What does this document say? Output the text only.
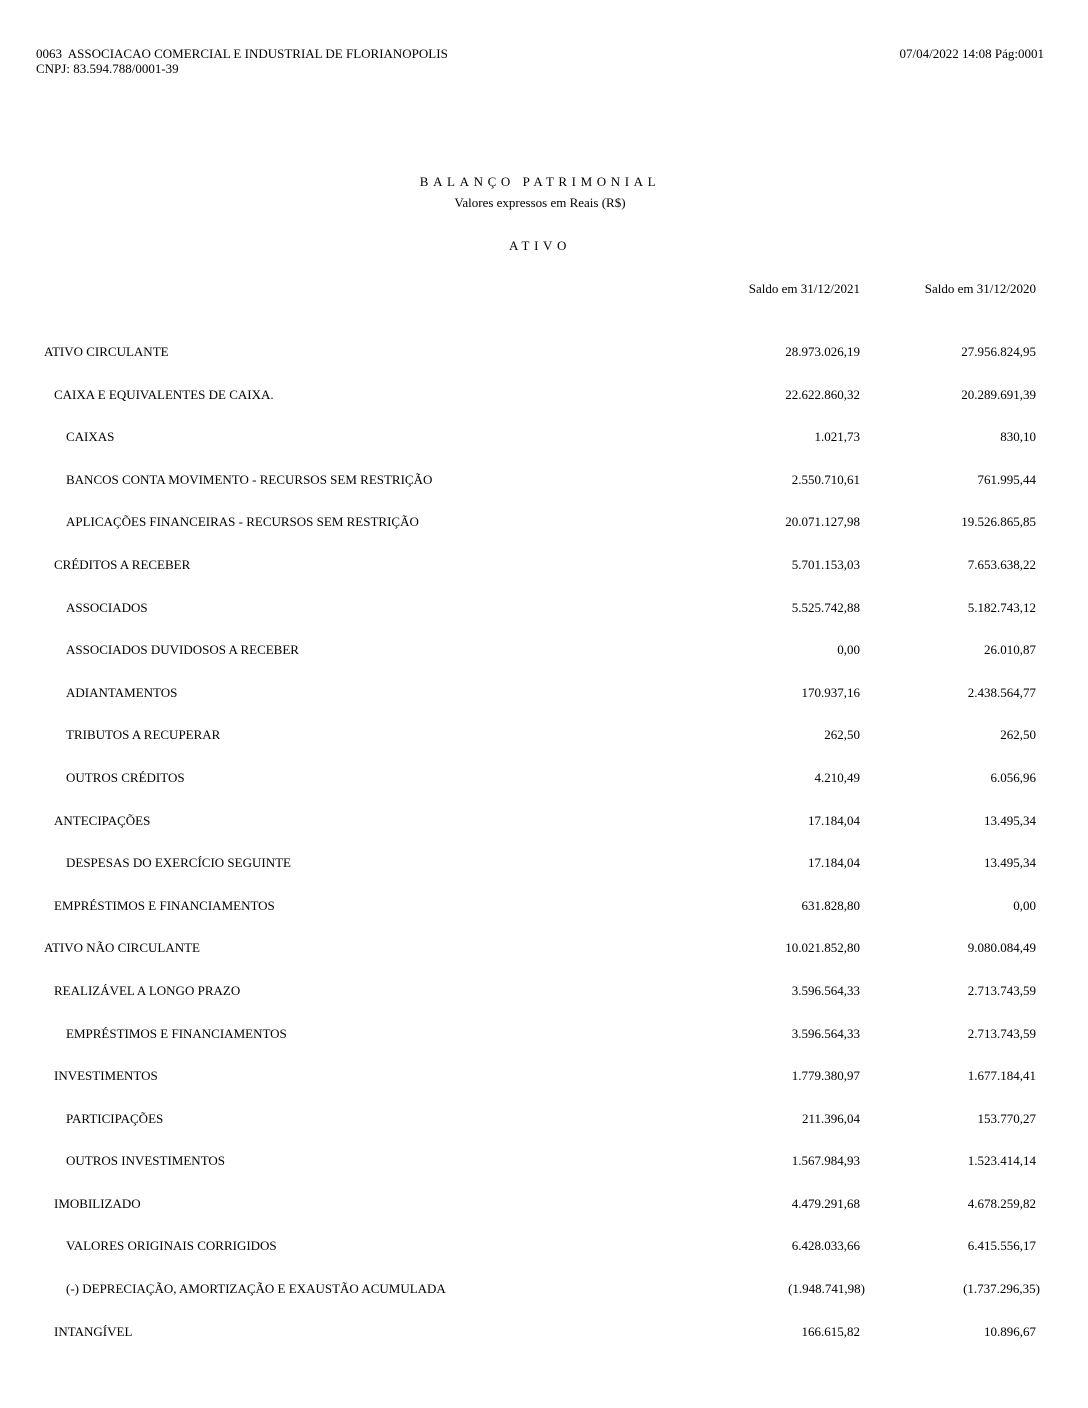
0063  ASSOCIACAO COMERCIAL E INDUSTRIAL DE FLORIANOPOLIS
CNPJ: 83.594.788/0001-39
07/04/2022 14:08 Pág:0001
BALANÇO PATRIMONIAL
Valores expressos em Reais (R$)
ATIVO
Saldo em 31/12/2021	Saldo em 31/12/2020
ATIVO CIRCULANTE	28.973.026,19	27.956.824,95
CAIXA E EQUIVALENTES DE CAIXA.	22.622.860,32	20.289.691,39
CAIXAS	1.021,73	830,10
BANCOS CONTA MOVIMENTO - RECURSOS SEM RESTRIÇÃO	2.550.710,61	761.995,44
APLICAÇÕES FINANCEIRAS - RECURSOS SEM RESTRIÇÃO	20.071.127,98	19.526.865,85
CRÉDITOS A RECEBER	5.701.153,03	7.653.638,22
ASSOCIADOS	5.525.742,88	5.182.743,12
ASSOCIADOS DUVIDOSOS A RECEBER	0,00	26.010,87
ADIANTAMENTOS	170.937,16	2.438.564,77
TRIBUTOS A RECUPERAR	262,50	262,50
OUTROS CRÉDITOS	4.210,49	6.056,96
ANTECIPAÇÕES	17.184,04	13.495,34
DESPESAS DO EXERCÍCIO SEGUINTE	17.184,04	13.495,34
EMPRÉSTIMOS E FINANCIAMENTOS	631.828,80	0,00
ATIVO NÃO CIRCULANTE	10.021.852,80	9.080.084,49
REALIZÁVEL A LONGO PRAZO	3.596.564,33	2.713.743,59
EMPRÉSTIMOS E FINANCIAMENTOS	3.596.564,33	2.713.743,59
INVESTIMENTOS	1.779.380,97	1.677.184,41
PARTICIPAÇÕES	211.396,04	153.770,27
OUTROS INVESTIMENTOS	1.567.984,93	1.523.414,14
IMOBILIZADO	4.479.291,68	4.678.259,82
VALORES ORIGINAIS CORRIGIDOS	6.428.033,66	6.415.556,17
(-) DEPRECIAÇÃO, AMORTIZAÇÃO E EXAUSTÃO ACUMULADA	(1.948.741,98)	(1.737.296,35)
INTANGÍVEL	166.615,82	10.896,67
